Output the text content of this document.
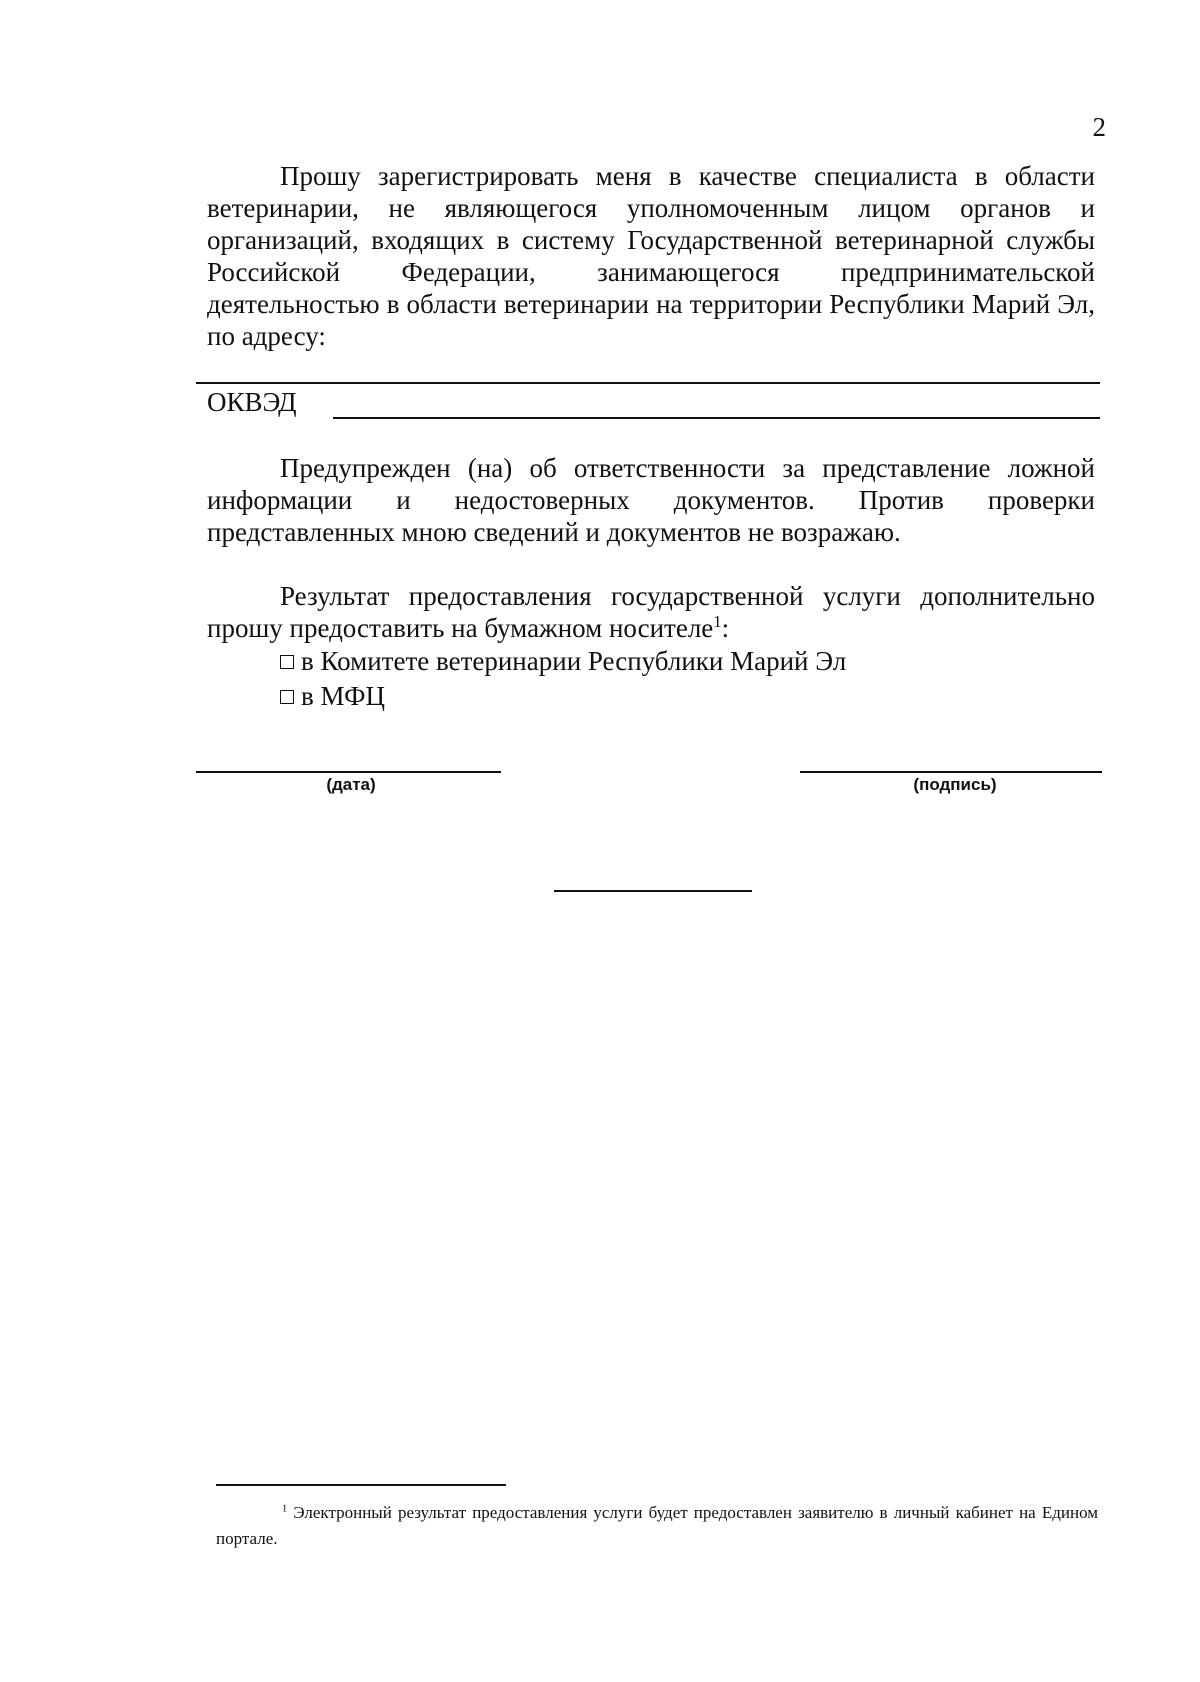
2

Прошу зарегистрировать меня в качестве специалиста в области ветеринарии, не являющегося уполномоченным лицом органов и организаций, входящих в систему Государственной ветеринарной службы Российской Федерации, занимающегося предпринимательской деятельностью в области ветеринарии на территории Республики Марий Эл, по адресу:

ОКВЭД

Предупрежден (на) об ответственности за представление ложной информации и недостоверных документов. Против проверки представленных мною сведений и документов не возражаю.

Результат предоставления государственной услуги дополнительно прошу предоставить на бумажном носителе$^1$:

в Комитете ветеринарии Республики Марий Эл
в МФЦ
(дата)	(подпись)

$^1$ Электронный результат предоставления услуги будет предоставлен заявителю в личный кабинет на Едином портале.
